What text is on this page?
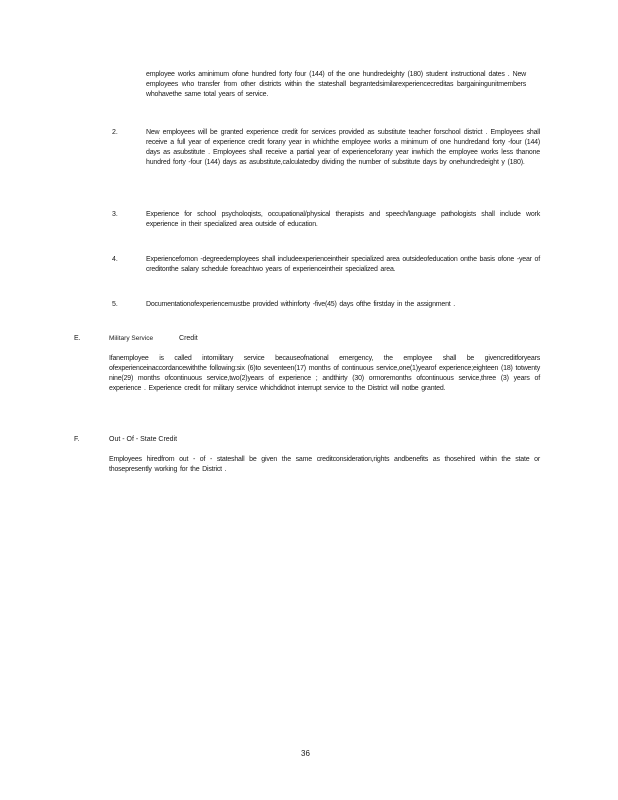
employee works aminimum ofone hundred forty four (144) of the one hundredeighty (180) student instructional dates . New employees who transfer from other districts within the stateshall begrantedsimilarexperiencecreditas bargainingunitmembers whohavethe same total years of service.

2.	New employees will be granted experience credit for services provided as substitute teacher forschool district . Employees shall receive a full year of experience credit forany year in whichthe employee works a minimum of one hundredand forty -four (144) days as asubstitute . Employees shall receive a partial year of experienceforany year inwhich the employee works less thanone hundred forty -four (144) days as asubstitute,calculatedby dividing the number of substitute days by onehundredeight y (180).

3.	Experience for school psycholoqists, occupational/physical therapists and speech/language pathologists shall include work experience in their specialized area outside of education.

4.	Experiencefornon -degreedemployees shall includeexperienceintheir specialized area outsideofeducation onthe basis ofone -year of creditonthe salary schedule foreachtwo years of experienceintheir specialized area.

5.	Documentationofexperiencemustbe provided withinforty -five(45) days ofthe firstday in the assignment .

E.	Military Service	Credit

Ifanemployee is called intomilitary service becauseofnational emergency, the employee shall be givencreditforyears ofexperienceinaccordancewiththe following:six (6)to seventeen(17) months of continuous service,one(1)yearof experience;eighteen (18) totwenty nine(29) months ofcontinuous service,two(2)years of experience ; andthirty (30) ormoremonths ofcontinuous service,three (3) years of experience . Experience credit for military service whichdidnot interrupt service to the District will notbe granted.

F.	Out - Of - State Credit

Employees hiredfrom out - of - stateshall be given the same creditconsideration,rights andbenefits as thosehired within the state or thosepresently working for the District .

36
